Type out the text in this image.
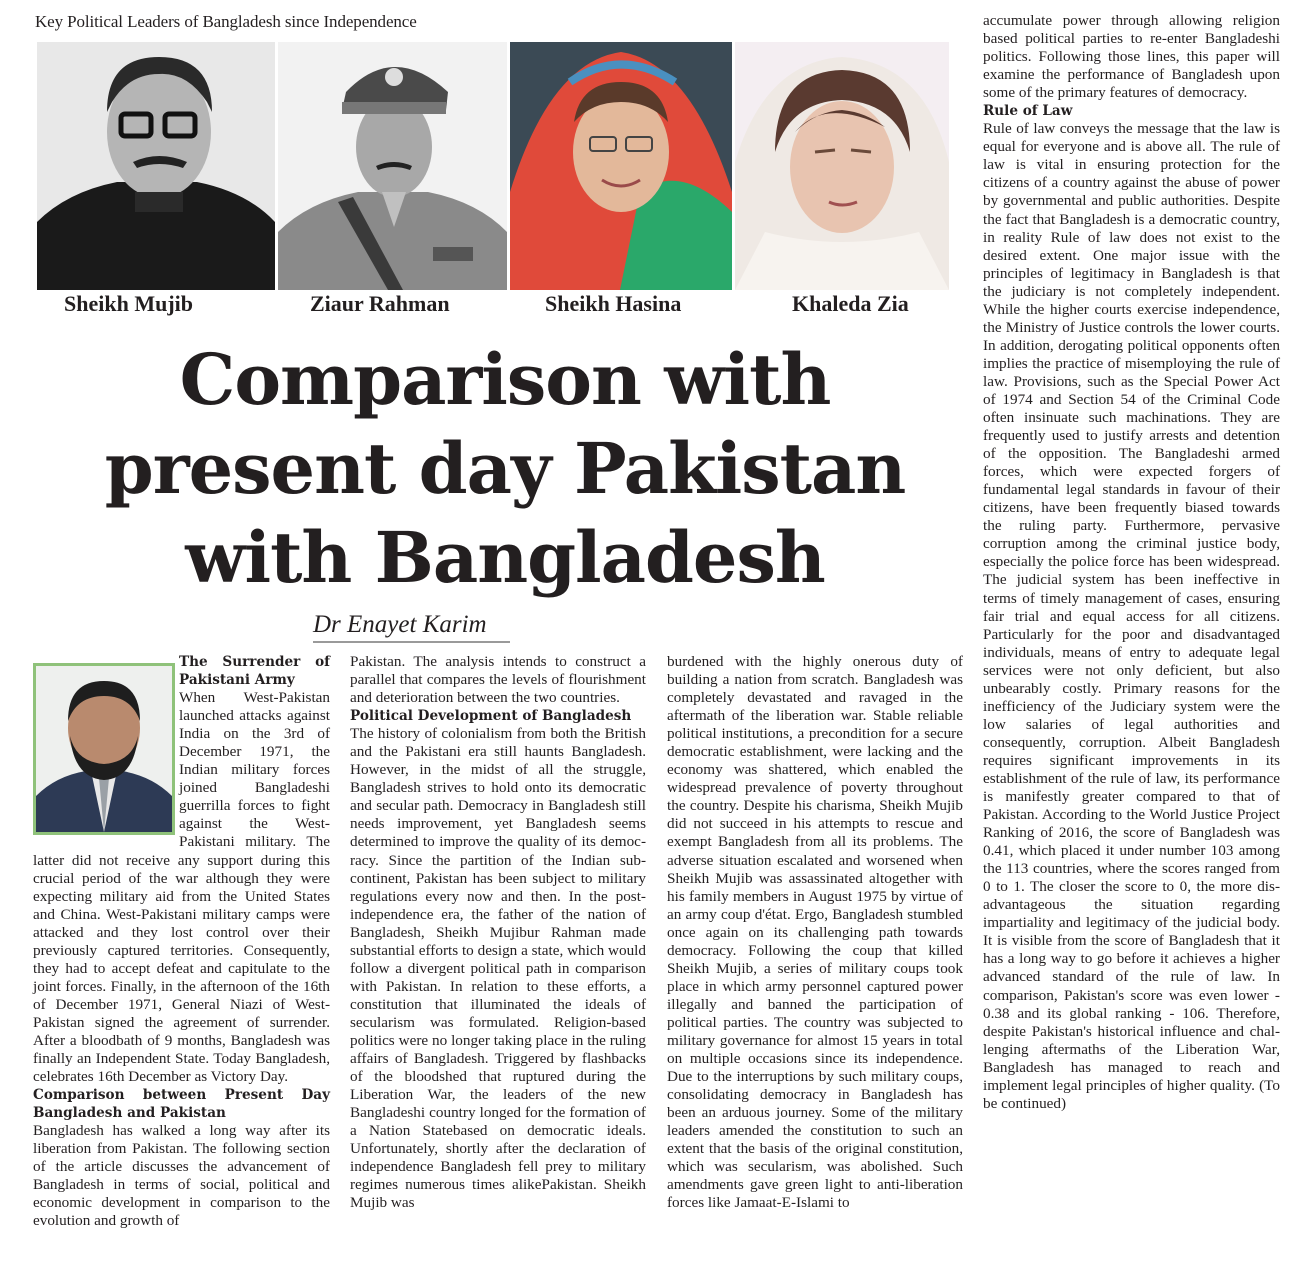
Key Political Leaders of Bangladesh since Independence
Sheikh Mujib	Ziaur Rahman	Sheikh Hasina	Khaleda Zia
Comparison with
present day Pakistan
with Bangladesh
Dr Enayet Karim
The Surrender of Pakistani Army

When West-Pakistan launched attacks against India on the 3rd of December 1971, the Indian military forces joined Bangladeshi guerrilla forces to fight against the West-Pakistani military. The latter did not receive any support during this crucial period of the war although they were expecting military aid from the United States and China. West-Pakistani military camps were attacked and they lost control over their previously captured territories. Consequently, they had to accept defeat and capitulate to the joint forces. Finally, in the afternoon of the 16th of December 1971, General Niazi of West-Pakistan signed the agreement of surrender. After a bloodbath of 9 months, Bangladesh was finally an Independent State. Today Bangladesh, celebrates 16th December as Victory Day.

Comparison between Present Day Bangladesh and Pakistan

Bangladesh has walked a long way after its liberation from Pakistan. The following section of the article discusses the advancement of Bangladesh in terms of social, political and economic development in comparison to the evolution and growth of

Pakistan. The analysis intends to construct a parallel that compares the levels of flourishment and deterioration between the two countries.

Political Development of Bangladesh

The history of colonialism from both the British and the Pakistani era still haunts Bangladesh. However, in the midst of all the struggle, Bangladesh strives to hold onto its democratic and secular path. Democracy in Bangladesh still needs improvement, yet Bangladesh seems determined to improve the quality of its democracy. Since the partition of the Indian subcontinent, Pakistan has been subject to military regulations every now and then. In the post-independence era, the father of the nation of Bangladesh, Sheikh Mujibur Rahman made substantial efforts to design a state, which would follow a divergent political path in comparison with Pakistan. In relation to these efforts, a constitution that illuminated the ideals of secularism was formulated. Religion-based politics were no longer taking place in the ruling affairs of Bangladesh. Triggered by flashbacks of the bloodshed that ruptured during the Liberation War, the leaders of the new Bangladeshi country longed for the formation of a Nation Statebased on democratic ideals. Unfortunately, shortly after the declaration of independence Bangladesh fell prey to military regimes numerous times alikePakistan. Sheikh Mujib was

burdened with the highly onerous duty of building a nation from scratch. Bangladesh was completely devastated and ravaged in the aftermath of the liberation war. Stable reliable political institutions, a precondition for a secure democratic establishment, were lacking and the economy was shattered, which enabled the widespread prevalence of poverty throughout the country. Despite his charisma, Sheikh Mujib did not succeed in his attempts to rescue and exempt Bangladesh from all its problems. The adverse situation escalated and worsened when Sheikh Mujib was assassinated altogether with his family members in August 1975 by virtue of an army coup d'état. Ergo, Bangladesh stumbled once again on its challenging path towards democracy. Following the coup that killed Sheikh Mujib, a series of military coups took place in which army personnel captured power illegally and banned the participation of political parties. The country was subjected to military governance for almost 15 years in total on multiple occasions since its independence. Due to the interruptions by such military coups, consolidating democracy in Bangladesh has been an arduous journey. Some of the military leaders amended the constitution to such an extent that the basis of the original constitution, which was secularism, was abolished. Such amendments gave green light to anti-liberation forces like Jamaat-E-Islami to

accumulate power through allowing religion based political parties to re-enter Bangladeshi politics. Following those lines, this paper will examine the performance of Bangladesh upon some of the primary features of democracy.

Rule of Law

Rule of law conveys the message that the law is equal for everyone and is above all. The rule of law is vital in ensuring protection for the citizens of a country against the abuse of power by governmental and public authorities. Despite the fact that Bangladesh is a democratic country, in reality Rule of law does not exist to the desired extent. One major issue with the principles of legitimacy in Bangladesh is that the judiciary is not completely independent. While the higher courts exercise independence, the Ministry of Justice controls the lower courts. In addition, derogating political opponents often implies the practice of misemploying the rule of law. Provisions, such as the Special Power Act of 1974 and Section 54 of the Criminal Code often insinuate such machinations. They are frequently used to justify arrests and detention of the opposition. The Bangladeshi armed forces, which were expected forgers of fundamental legal standards in favour of their citizens, have been frequently biased towards the ruling party. Furthermore, pervasive corruption among the criminal justice body, especially the police force has been widespread. The judicial system has been ineffective in terms of timely management of cases, ensuring fair trial and equal access for all citizens. Particularly for the poor and disadvantaged individuals, means of entry to adequate legal services were not only deficient, but also unbearably costly. Primary reasons for the inefficiency of the Judiciary system were the low salaries of legal authorities and consequently, corruption. Albeit Bangladesh requires significant improvements in its establishment of the rule of law, its performance is manifestly greater compared to that of Pakistan. According to the World Justice Project Ranking of 2016, the score of Bangladesh was 0.41, which placed it under number 103 among the 113 countries, where the scores ranged from 0 to 1. The closer the score to 0, the more disadvantageous the situation regarding impartiality and legitimacy of the judicial body. It is visible from the score of Bangladesh that it has a long way to go before it achieves a higher advanced standard of the rule of law. In comparison, Pakistan's score was even lower - 0.38 and its global ranking - 106. Therefore, despite Pakistan's historical influence and challenging aftermaths of the Liberation War, Bangladesh has managed to reach and implement legal principles of higher quality. (To be continued)
